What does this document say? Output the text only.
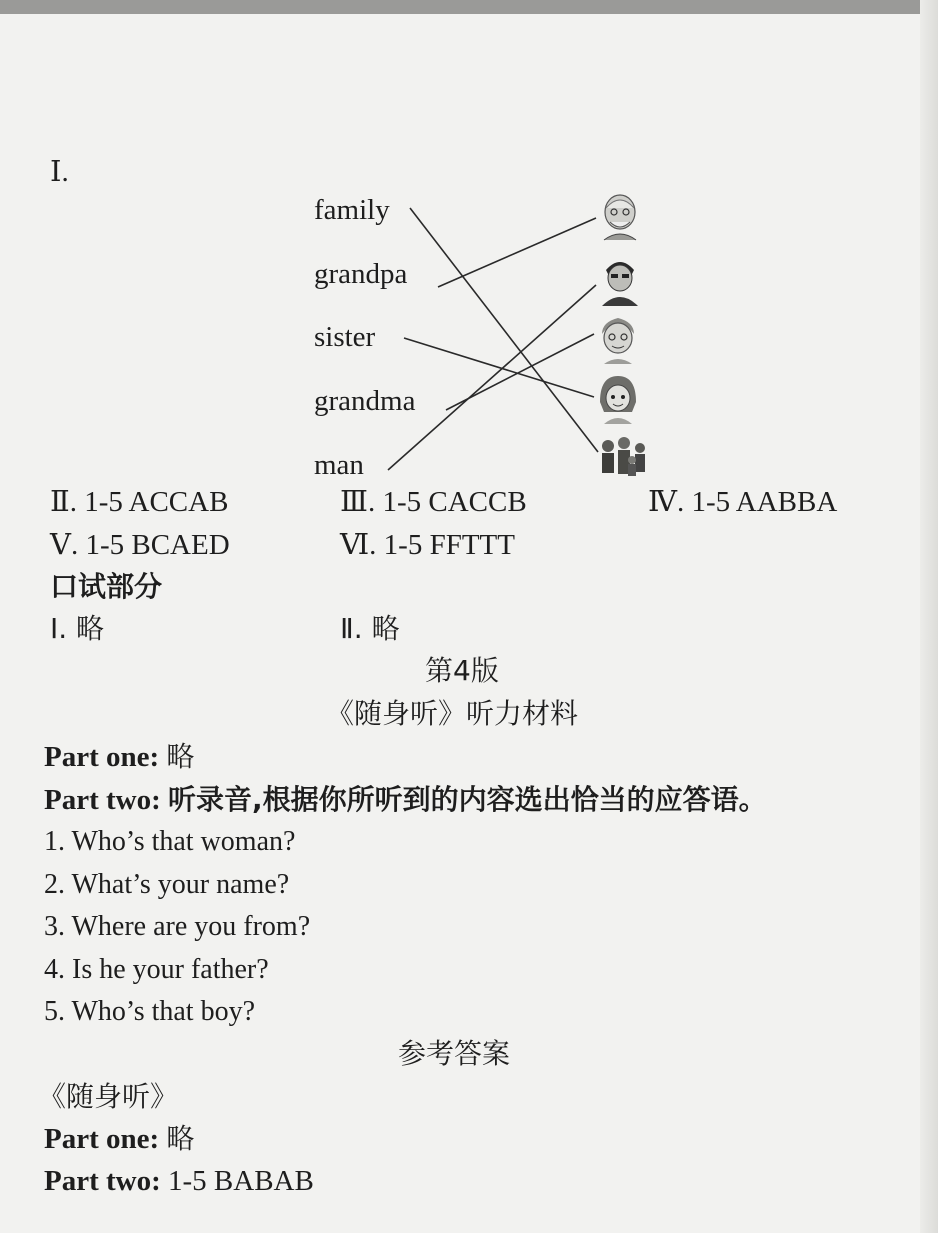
Ⅰ.
family
grandpa
sister
grandma
man
Ⅱ. 1-5 ACCAB	Ⅲ. 1-5 CACCB	Ⅳ. 1-5 AABBA
Ⅴ. 1-5 BCAED	Ⅵ. 1-5 FFTTT
口试部分
Ⅰ. 略	Ⅱ. 略
第4版
《随身听》听力材料
Part one: 略
Part two: 听录音,根据你所听到的内容选出恰当的应答语。
1. Who’s that woman?
2. What’s your name?
3. Where are you from?
4. Is he your father?
5. Who’s that boy?
参考答案
《随身听》
Part one: 略
Part two: 1-5 BABAB
